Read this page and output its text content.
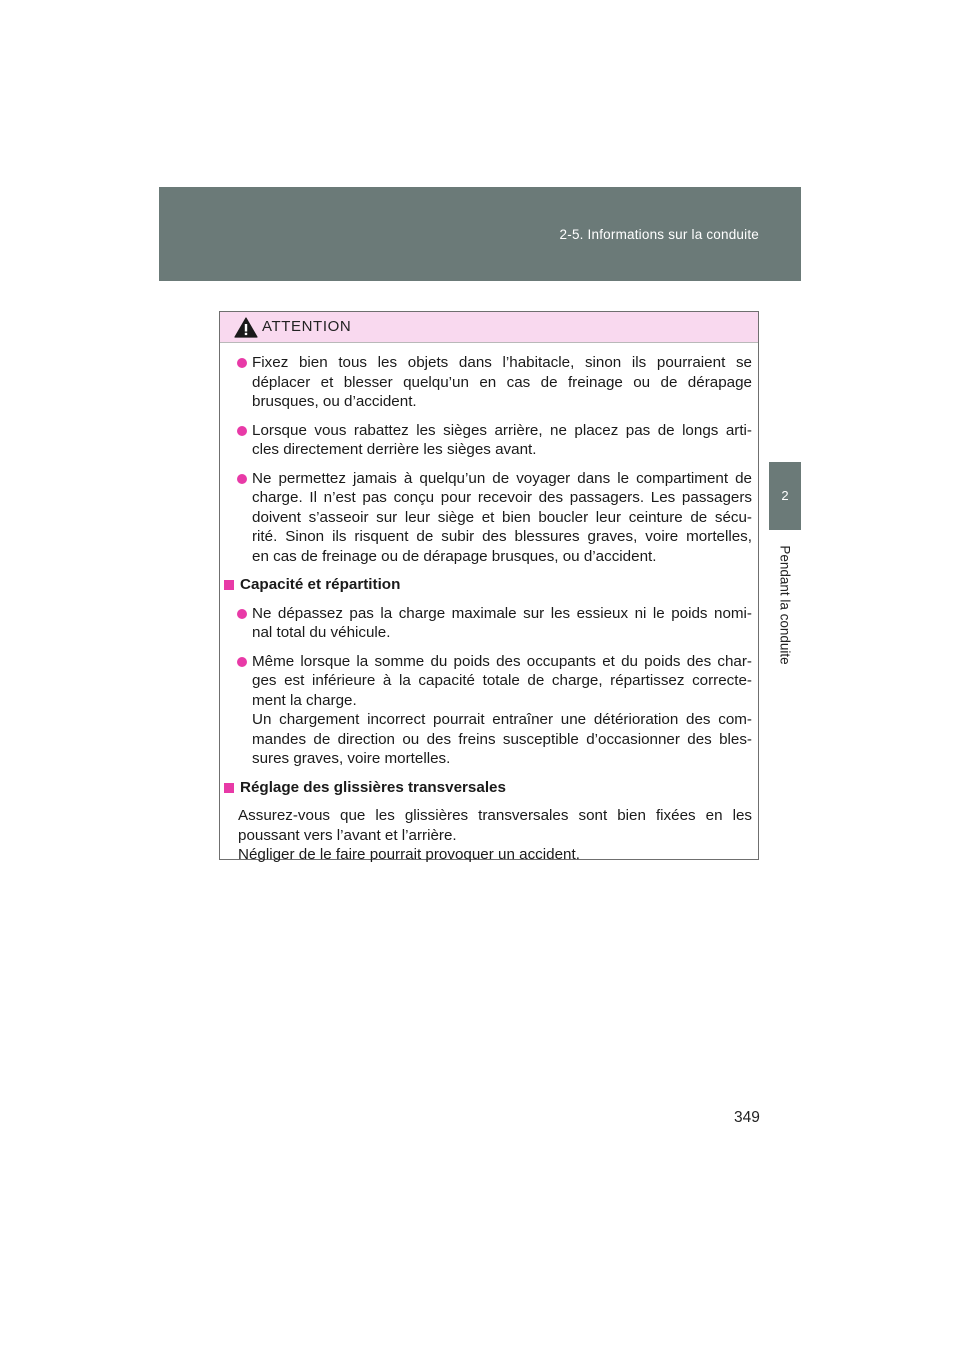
2-5. Informations sur la conduite
2
Pendant la conduite
ATTENTION
Fixez bien tous les objets dans l’habitacle, sinon ils pourraient se
déplacer et blesser quelqu’un en cas de freinage ou de dérapage
brusques, ou d’accident.
Lorsque vous rabattez les sièges arrière, ne placez pas de longs arti-
cles directement derrière les sièges avant.
Ne permettez jamais à quelqu’un de voyager dans le compartiment de
charge. Il n’est pas conçu pour recevoir des passagers. Les passagers
doivent s’asseoir sur leur siège et bien boucler leur ceinture de sécu-
rité. Sinon ils risquent de subir des blessures graves, voire mortelles,
en cas de freinage ou de dérapage brusques, ou d’accident.
Capacité et répartition
Ne dépassez pas la charge maximale sur les essieux ni le poids nomi-
nal total du véhicule.
Même lorsque la somme du poids des occupants et du poids des char-
ges est inférieure à la capacité totale de charge, répartissez correcte-
ment la charge.
Un chargement incorrect pourrait entraîner une détérioration des com-
mandes de direction ou des freins susceptible d’occasionner des bles-
sures graves, voire mortelles.
Réglage des glissières transversales
Assurez-vous que les glissières transversales sont bien fixées en les
poussant vers l’avant et l’arrière.
Négliger de le faire pourrait provoquer un accident.
349
